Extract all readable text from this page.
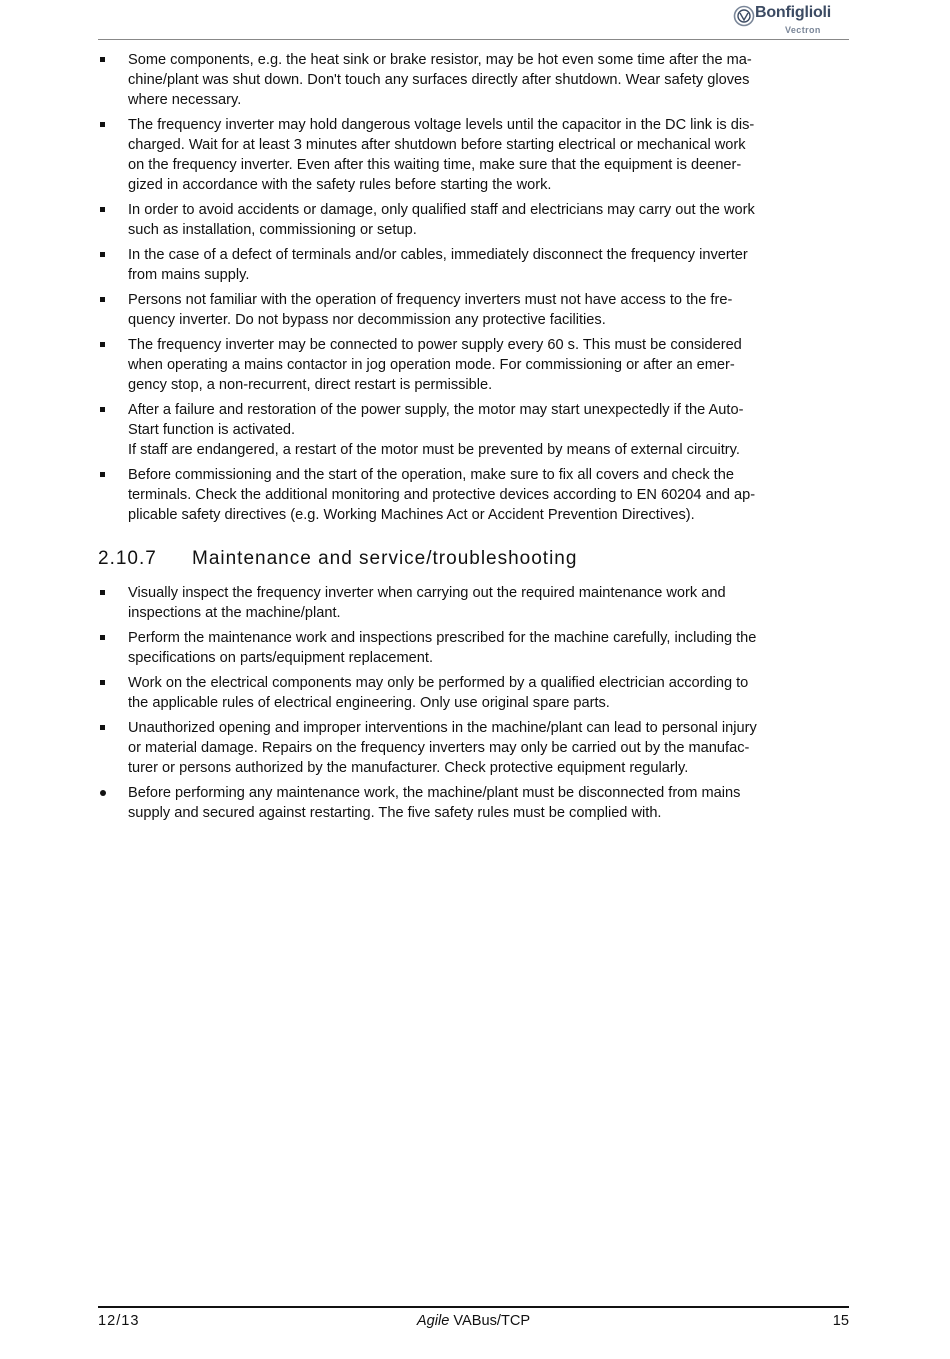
Bonfiglioli
Vectron
Some components, e.g. the heat sink or brake resistor, may be hot even some time after the ma-
chine/plant was shut down. Don't touch any surfaces directly after shutdown. Wear safety gloves
where necessary.
The frequency inverter may hold dangerous voltage levels until the capacitor in the DC link is dis-
charged. Wait for at least 3 minutes after shutdown before starting electrical or mechanical work
on the frequency inverter. Even after this waiting time, make sure that the equipment is deener-
gized in accordance with the safety rules before starting the work.
In order to avoid accidents or damage, only qualified staff and electricians may carry out the work
such as installation, commissioning or setup.
In the case of a defect of terminals and/or cables, immediately disconnect the frequency inverter
from mains supply.
Persons not familiar with the operation of frequency inverters must not have access to the fre-
quency inverter. Do not bypass nor decommission any protective facilities.
The frequency inverter may be connected to power supply every 60 s. This must be considered
when operating a mains contactor in jog operation mode. For commissioning or after an emer-
gency stop, a non-recurrent, direct restart is permissible.
After a failure and restoration of the power supply, the motor may start unexpectedly if the Auto-
Start function is activated.
If staff are endangered, a restart of the motor must be prevented by means of external circuitry.
Before commissioning and the start of the operation, make sure to fix all covers and check the
terminals. Check the additional monitoring and protective devices according to EN 60204 and ap-
plicable safety directives (e.g. Working Machines Act or Accident Prevention Directives).
2.10.7 Maintenance and service/troubleshooting
Visually inspect the frequency inverter when carrying out the required maintenance work and
inspections at the machine/plant.
Perform the maintenance work and inspections prescribed for the machine carefully, including the
specifications on parts/equipment replacement.
Work on the electrical components may only be performed by a qualified electrician according to
the applicable rules of electrical engineering. Only use original spare parts.
Unauthorized opening and improper interventions in the machine/plant can lead to personal injury
or material damage. Repairs on the frequency inverters may only be carried out by the manufac-
turer or persons authorized by the manufacturer. Check protective equipment regularly.
Before performing any maintenance work, the machine/plant must be disconnected from mains
supply and secured against restarting. The five safety rules must be complied with.
12/13	Agile VABus/TCP	15
